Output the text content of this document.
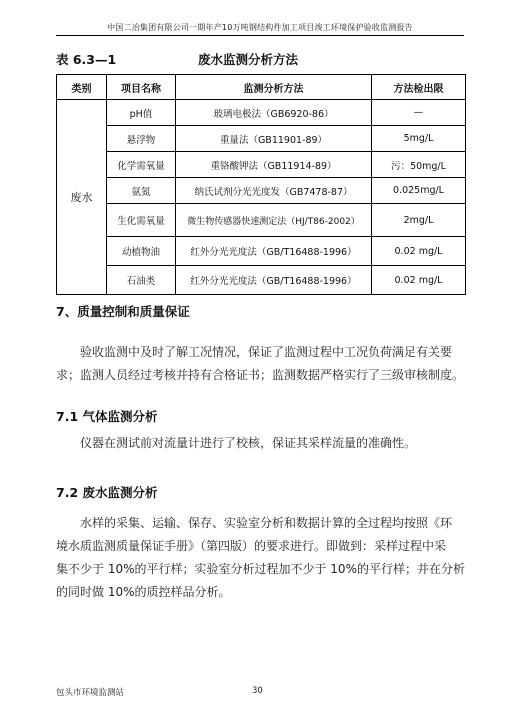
中国二冶集团有限公司一期年产10万吨钢结构件加工项目竣工环境保护验收监测报告
表 6.3—1	废水监测分析方法
类别	项目名称	监测分析方法	方法检出限
废水	pH值	玻璃电极法（GB6920-86）	—
	悬浮物	重量法（GB11901-89）	5mg/L
	化学需氧量	重铬酸钾法（GB11914-89）	污：50mg/L
	氨氮	纳氏试剂分光光度发（GB7478-87）	0.025mg/L
	生化需氧量	微生物传感器快速测定法（HJ/T86-2002）	2mg/L
	动植物油	红外分光光度法（GB/T16488-1996）	0.02 mg/L
	石油类	红外分光光度法（GB/T16488-1996）	0.02 mg/L
7、质量控制和质量保证
验收监测中及时了解工况情况，保证了监测过程中工况负荷满足有关要
求；监测人员经过考核并持有合格证书；监测数据严格实行了三级审核制度。
7.1 气体监测分析
仪器在测试前对流量计进行了校核，保证其采样流量的准确性。
7.2 废水监测分析
水样的采集、运输、保存、实验室分析和数据计算的全过程均按照《环
境水质监测质量保证手册》（第四版）的要求进行。即做到：采样过程中采
集不少于 10%的平行样；实验室分析过程加不少于 10%的平行样；并在分析
的同时做 10%的质控样品分析。
包头市环境监测站	30
